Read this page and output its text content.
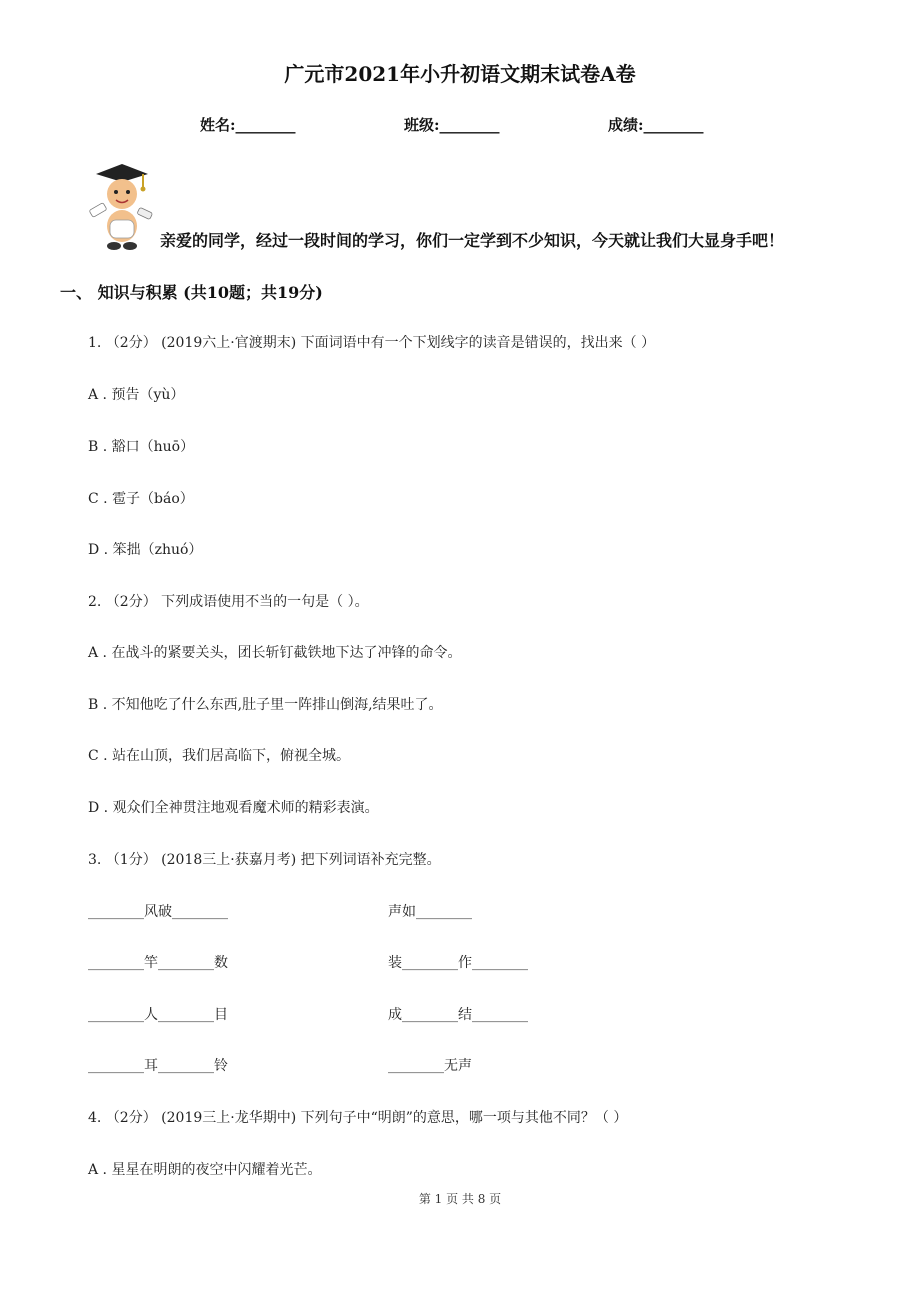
广元市2021年小升初语文期末试卷A卷
姓名:________	班级:________	成绩:________
亲爱的同学，经过一段时间的学习，你们一定学到不少知识，今天就让我们大显身手吧！
一、 知识与积累 (共10题；共19分)
1. （2分） (2019六上·官渡期末) 下面词语中有一个下划线字的读音是错误的，找出来（ ）
A . 预告（yù）
B . 豁口（huō）
C . 雹子（báo）
D . 笨拙（zhuó）
2. （2分） 下列成语使用不当的一句是（ ）。
A . 在战斗的紧要关头，团长斩钉截铁地下达了冲锋的命令。
B . 不知他吃了什么东西,肚子里一阵排山倒海,结果吐了。
C . 站在山顶，我们居高临下，俯视全城。
D . 观众们全神贯注地观看魔术师的精彩表演。
3. （1分） (2018三上·获嘉月考) 把下列词语补充完整。
________风破________	声如________
________竿________数	装________作________
________人________目	成________结________
________耳________铃	________无声
4. （2分） (2019三上·龙华期中) 下列句子中“明朗”的意思，哪一项与其他不同？（ ）
A . 星星在明朗的夜空中闪耀着光芒。
第 1 页 共 8 页
